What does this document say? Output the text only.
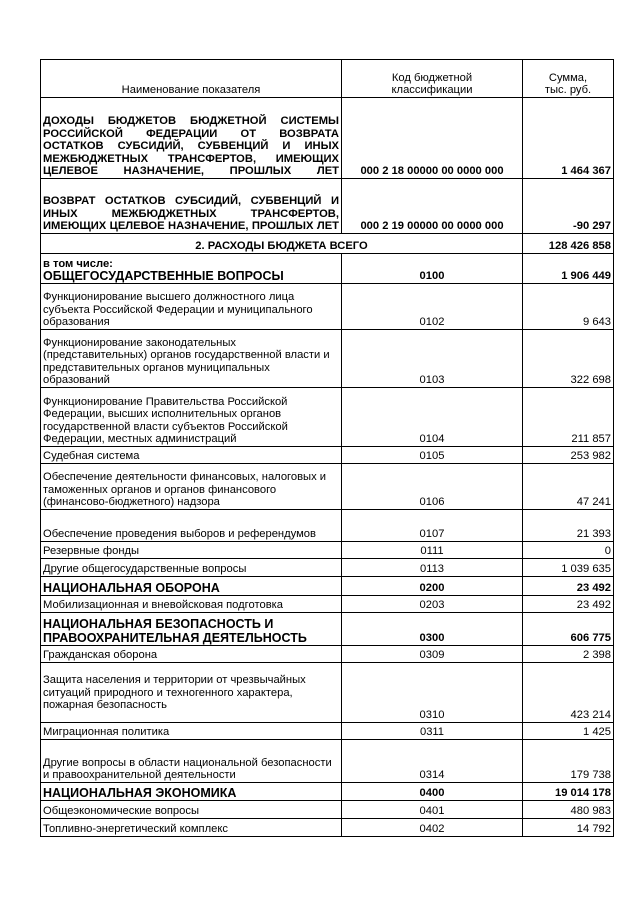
Наименование показателя	Код бюджетной классификации	Сумма, тыс. руб.
ДОХОДЫ БЮДЖЕТОВ БЮДЖЕТНОЙ СИСТЕМЫ РОССИЙСКОЙ ФЕДЕРАЦИИ ОТ ВОЗВРАТА ОСТАТКОВ СУБСИДИЙ, СУБВЕНЦИЙ И ИНЫХ МЕЖБЮДЖЕТНЫХ ТРАНСФЕРТОВ, ИМЕЮЩИХ ЦЕЛЕВОЕ НАЗНАЧЕНИЕ, ПРОШЛЫХ ЛЕТ	000 2 18 00000 00 0000 000	1 464 367
ВОЗВРАТ ОСТАТКОВ СУБСИДИЙ, СУБВЕНЦИЙ И ИНЫХ МЕЖБЮДЖЕТНЫХ ТРАНСФЕРТОВ, ИМЕЮЩИХ ЦЕЛЕВОЕ НАЗНАЧЕНИЕ, ПРОШЛЫХ ЛЕТ	000 2 19 00000 00 0000 000	-90 297
2. РАСХОДЫ БЮДЖЕТА ВСЕГО		128 426 858

в том числе:
ОБЩЕГОСУДАРСТВЕННЫЕ ВОПРОСЫ	0100	1 906 449
Функционирование высшего должностного лица субъекта Российской Федерации и муниципального образования	0102	9 643
Функционирование законодательных (представительных) органов государственной власти и представительных органов муниципальных образований	0103	322 698
Функционирование Правительства Российской Федерации, высших исполнительных органов государственной власти субъектов Российской Федерации, местных администраций	0104	211 857
Судебная система	0105	253 982
Обеспечение деятельности финансовых, налоговых и таможенных органов и органов финансового (финансово-бюджетного) надзора	0106	47 241
Обеспечение проведения выборов и референдумов	0107	21 393
Резервные фонды	0111	0
Другие общегосударственные вопросы	0113	1 039 635
НАЦИОНАЛЬНАЯ ОБОРОНА	0200	23 492
Мобилизационная и вневойсковая подготовка	0203	23 492
НАЦИОНАЛЬНАЯ БЕЗОПАСНОСТЬ И ПРАВООХРАНИТЕЛЬНАЯ ДЕЯТЕЛЬНОСТЬ	0300	606 775
Гражданская оборона	0309	2 398
Защита населения и территории от чрезвычайных ситуаций природного и техногенного характера, пожарная безопасность	0310	423 214
Миграционная политика	0311	1 425
Другие вопросы в области национальной безопасности и правоохранительной деятельности	0314	179 738
НАЦИОНАЛЬНАЯ ЭКОНОМИКА	0400	19 014 178
Общеэкономические вопросы	0401	480 983
Топливно-энергетический комплекс	0402	14 792
